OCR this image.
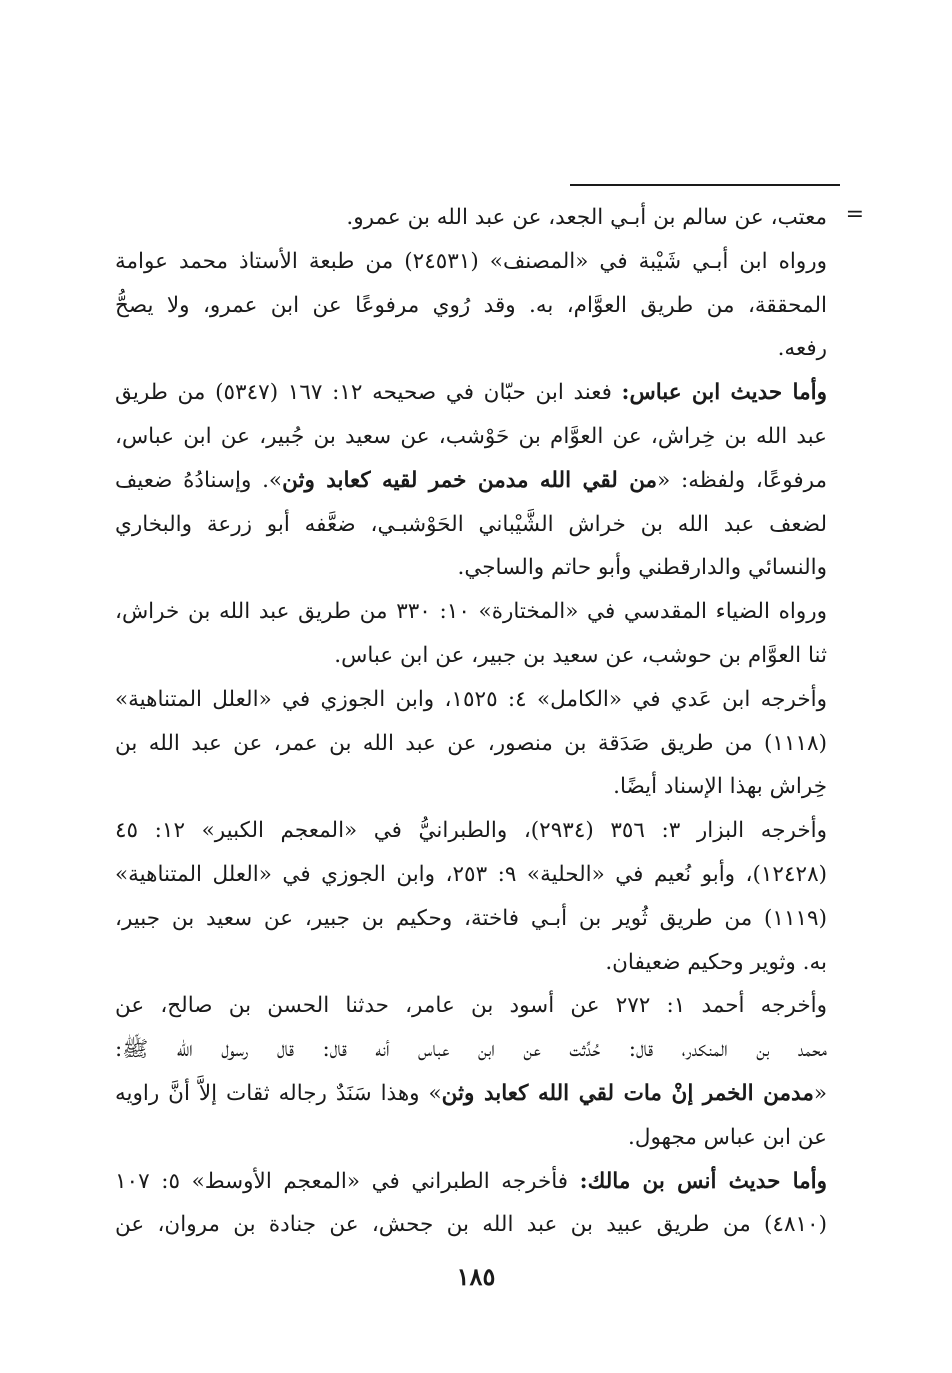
=
معتب، عن سالم بن أبـي الجعد، عن عبد الله بن عمرو.
ورواه ابن أبـي شَيْبة في «المصنف» (٢٤٥٣١) من طبعة الأستاذ محمد عوامة
المحققة، من طريق العوَّام، به. وقد رُوي مرفوعًا عن ابن عمرو، ولا يصحُّ
رفعه.
وأما حديث ابن عباس: فعند ابن حبّان في صحيحه ١٢: ١٦٧ (٥٣٤٧) من طريق
عبد الله بن خِراش، عن العوَّام بن حَوْشب، عن سعيد بن جُبير، عن ابن عباس،
مرفوعًا، ولفظه: «من لقي الله مدمن خمر لقيه كعابد وثن». وإسنادُهُ ضعيف
لضعف عبد الله بن خراش الشَّيْباني الحَوْشبـي، ضعَّفه أبو زرعة والبخاري
والنسائي والدارقطني وأبو حاتم والساجي.
ورواه الضياء المقدسي في «المختارة» ١٠: ٣٣٠ من طريق عبد الله بن خراش،
ثنا العوَّام بن حوشب، عن سعيد بن جبير، عن ابن عباس.
وأخرجه ابن عَدي في «الكامل» ٤: ١٥٢٥، وابن الجوزي في «العلل المتناهية»
(١١١٨) من طريق صَدَقة بن منصور، عن عبد الله بن عمر، عن عبد الله بن
خِراش بهذا الإسناد أيضًا.
وأخرجه البزار ٣: ٣٥٦ (٢٩٣٤)، والطبرانيُّ في «المعجم الكبير» ١٢: ٤٥
(١٢٤٢٨)، وأبو نُعيم في «الحلية» ٩: ٢٥٣، وابن الجوزي في «العلل المتناهية»
(١١١٩) من طريق ثُوير بن أبـي فاختة، وحكيم بن جبير، عن سعيد بن جبير،
به. وثوير وحكيم ضعيفان.
وأخرجه أحمد ١: ٢٧٢ عن أسود بن عامر، حدثنا الحسن بن صالح، عن
محمد بن المنكدر، قال: حُدِّثت عن ابن عباس أنه قال: قال رسول الله ﷺ:
«مدمن الخمر إنْ مات لقي الله كعابد وثن» وهذا سَنَدٌ رجاله ثقات إلاَّ أنَّ راويه
عن ابن عباس مجهول.
وأما حديث أنس بن مالك: فأخرجه الطبراني في «المعجم الأوسط» ٥: ١٠٧
(٤٨١٠) من طريق عبيد بن عبد الله بن جحش، عن جنادة بن مروان، عن
١٨٥
